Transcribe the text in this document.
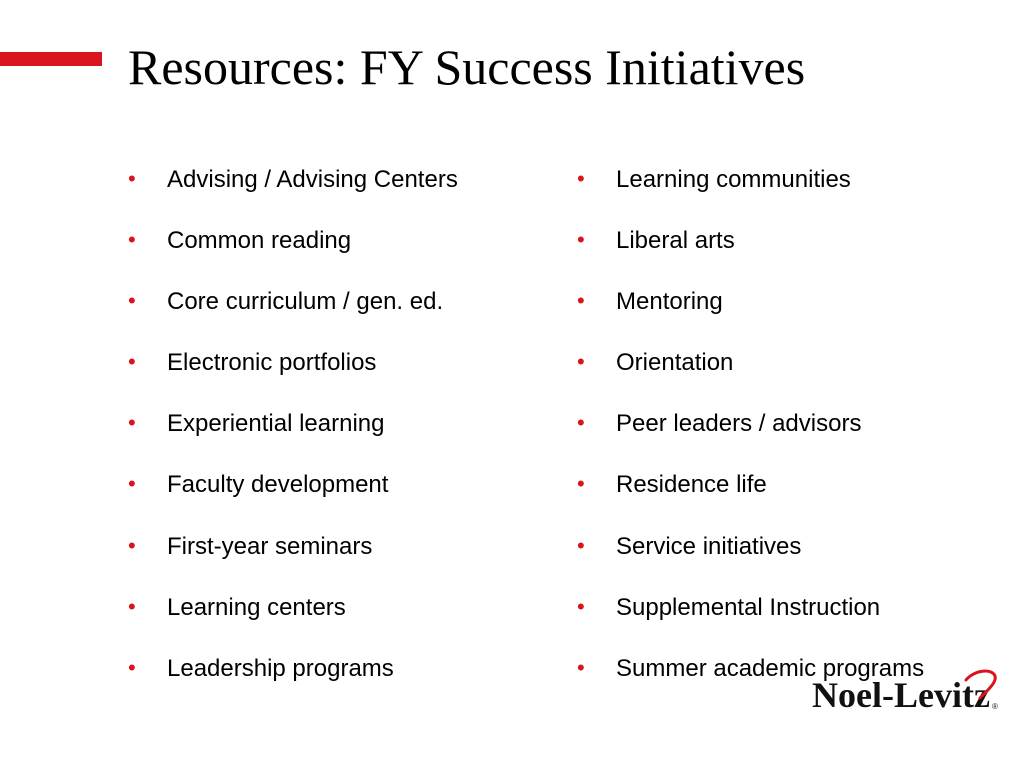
Resources: FY Success Initiatives
• Advising / Advising Centers
• Common reading
• Core curriculum / gen. ed.
• Electronic portfolios
• Experiential learning
• Faculty development
• First-year seminars
• Learning centers
• Leadership programs
• Learning communities
• Liberal arts
• Mentoring
• Orientation
• Peer leaders / advisors
• Residence life
• Service initiatives
• Supplemental Instruction
• Summer academic programs
Noel-Levitz ®
